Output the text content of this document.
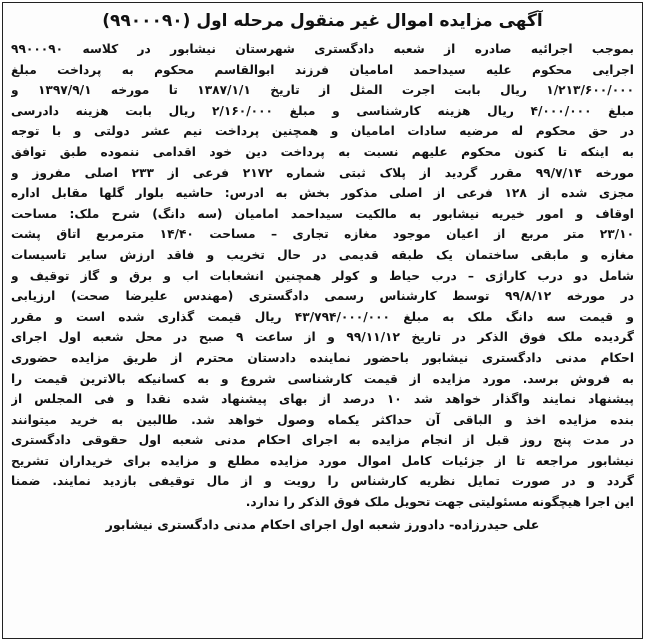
آگهی مزایده اموال غیر منقول مرحله اول (۹۹۰۰۰۹۰)
بموجب اجرائیه صادره از شعبه دادگستری شهرستان نیشابور در کلاسه ۹۹۰۰۰۹۰
اجرایی محکوم علیه سیداحمد امامیان فرزند ابوالقاسم محکوم به پرداخت مبلغ
۱/۲۱۳/۶۰۰/۰۰۰ ریال بابت اجرت المثل از تاریخ ۱۳۸۷/۱/۱ تا مورخه ۱۳۹۷/۹/۱ و
مبلغ ۴/۰۰۰/۰۰۰ ریال هزینه کارشناسی و مبلغ ۲/۱۶۰/۰۰۰ ریال بابت هزینه دادرسی
در حق محکوم له مرضیه سادات امامیان و همچنین پرداخت نیم عشر دولتی و با توجه
به اینکه تا کنون محکوم علیهم نسبت به پرداخت دین خود اقدامی ننموده طبق توافق
مورخه ۹۹/۷/۱۴ مقرر گردید از پلاک ثبتی شماره ۲۱۷۲ فرعی از ۲۳۳ اصلی مفروز و
مجزی شده از ۱۲۸ فرعی از اصلی مذکور بخش به ادرس: حاشیه بلوار گلها مقابل اداره
اوقاف و امور خیریه نیشابور به مالکیت سیداحمد امامیان (سه دانگ) شرح ملک: مساحت
۲۳/۱۰ متر مربع از اعیان موجود مغازه تجاری – مساحت ۱۴/۴۰ مترمربع اتاق پشت
مغازه و مابقی ساختمان یک طبقه قدیمی در حال تخریب و فاقد ارزش سایر تاسیسات
شامل دو درب کاراژی – درب حیاط و کولر همچنین انشعابات اب و برق و گاز توقیف و
در مورخه ۹۹/۸/۱۲ توسط کارشناس رسمی دادگستری (مهندس علیرضا صحت) ارزیابی
و قیمت سه دانگ ملک به مبلغ ۴۳/۷۹۴/۰۰۰/۰۰۰ ریال قیمت گذاری شده است و مقرر
گردیده ملک فوق الذکر در تاریخ ۹۹/۱۱/۱۲ و از ساعت ۹ صبح در محل شعبه اول اجرای
احکام مدنی دادگستری نیشابور باحضور نماینده دادستان محترم از طریق مزایده حضوری
به فروش برسد. مورد مزایده از قیمت کارشناسی شروع و به کسانیکه بالاترین قیمت را
پیشنهاد نمایند واگذار خواهد شد ۱۰ درصد از بهای پیشنهاد شده نقدا و فی المجلس از
بنده مزایده اخذ و الباقی آن حداکثر یکماه وصول خواهد شد. طالبین به خرید میتوانند
در مدت پنج روز قبل از انجام مزایده به اجرای احکام مدنی شعبه اول حقوقی دادگستری
نیشابور مراجعه تا از جزئیات کامل اموال مورد مزایده مطلع و مزایده برای خریداران تشریح
گردد و در صورت تمایل نظریه کارشناس را رویت و از مال توقیفی بازدید نمایند. ضمنا
این اجرا هیچگونه مسئولیتی جهت تحویل ملک فوق الذکر را ندارد.
علی حیدرزاده- دادورز شعبه اول اجرای احکام مدنی دادگستری نیشابور
